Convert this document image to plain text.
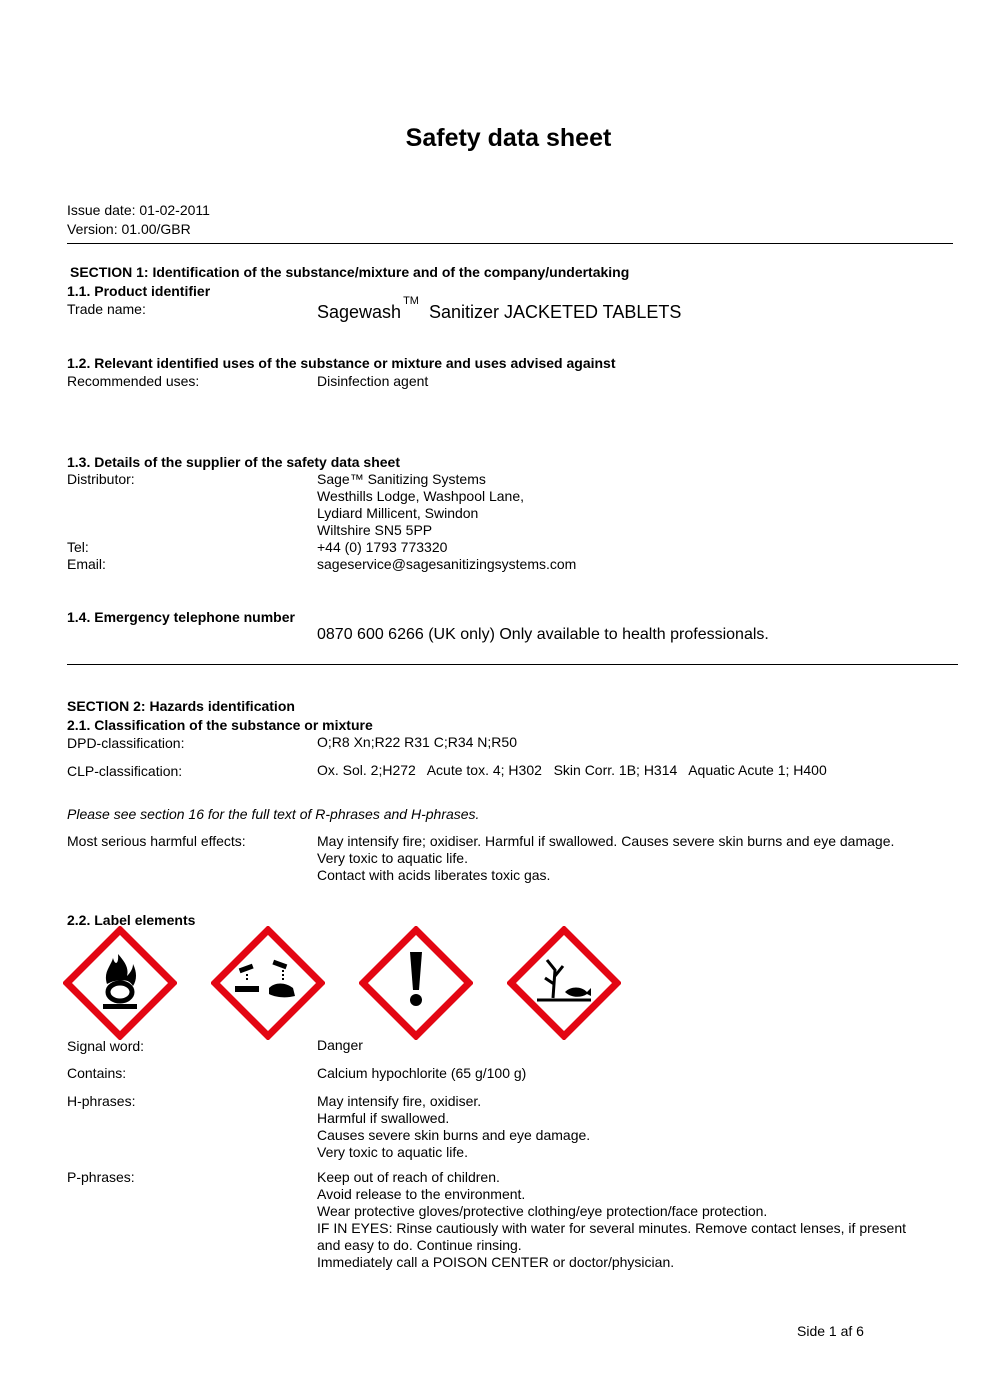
Safety data sheet
Issue date: 01-02-2011
Version: 01.00/GBR
SECTION 1: Identification of the substance/mixture and of the company/undertaking
1.1. Product identifier
Trade name:	Sagewash™Sanitizer JACKETED TABLETS
1.2. Relevant identified uses of the substance or mixture and uses advised against
Recommended uses:	Disinfection agent
1.3. Details of the supplier of the safety data sheet
Distributor:	Sage™ Sanitizing Systems
Westhills Lodge, Washpool Lane,
Lydiard Millicent, Swindon
Wiltshire SN5 5PP
Tel:	+44 (0) 1793 773320
Email:	sageservice@sagesanitizingsystems.com
1.4. Emergency telephone number
0870 600 6266 (UK only) Only available to health professionals.
SECTION 2: Hazards identification
2.1. Classification of the substance or mixture
DPD-classification:	O;R8 Xn;R22 R31 C;R34 N;R50
CLP-classification:	Ox. Sol. 2;H272   Acute tox. 4; H302   Skin Corr. 1B; H314   Aquatic Acute 1; H400
Please see section 16 for the full text of R-phrases and H-phrases.
Most serious harmful effects:	May intensify fire; oxidiser. Harmful if swallowed. Causes severe skin burns and eye damage.
Very toxic to aquatic life.
Contact with acids liberates toxic gas.
2.2. Label elements
Signal word:	Danger
Contains:	Calcium hypochlorite (65 g/100 g)
H-phrases:	May intensify fire, oxidiser.
Harmful if swallowed.
Causes severe skin burns and eye damage.
Very toxic to aquatic life.
P-phrases:	Keep out of reach of children.
Avoid release to the environment.
Wear protective gloves/protective clothing/eye protection/face protection.
IF IN EYES: Rinse cautiously with water for several minutes. Remove contact lenses, if present
and easy to do. Continue rinsing.
Immediately call a POISON CENTER or doctor/physician.
Side 1 af 6
